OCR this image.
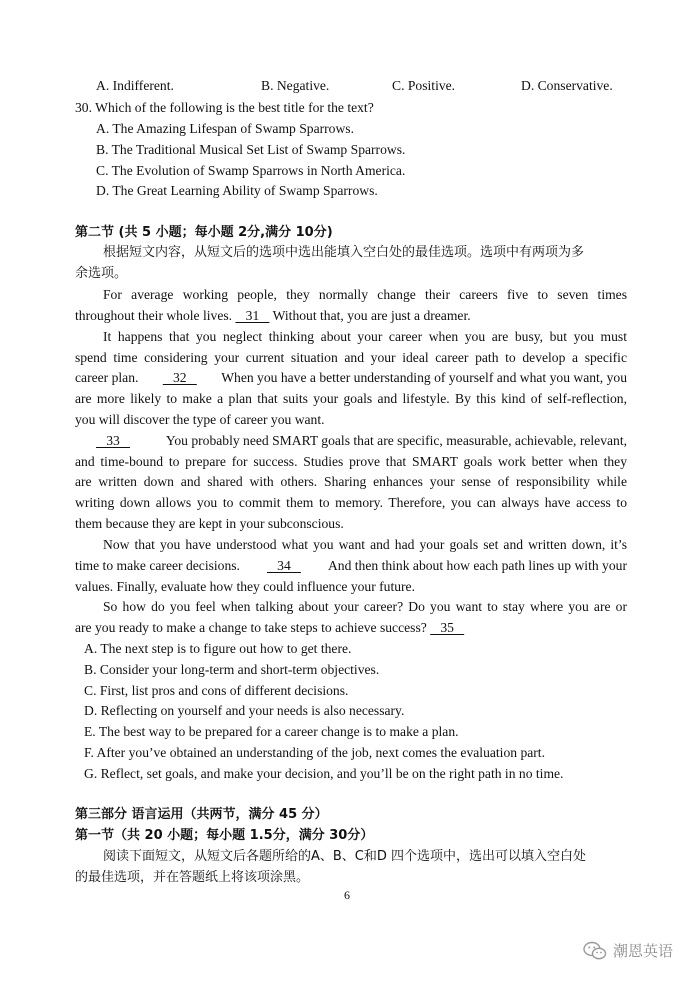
A. Indifferent.	B. Negative.	C. Positive.	D. Conservative.
30. Which of the following is the best title for the text?
A. The Amazing Lifespan of Swamp Sparrows.
B. The Traditional Musical Set List of Swamp Sparrows.
C. The Evolution of Swamp Sparrows in North America.
D. The Great Learning Ability of Swamp Sparrows.
第二节 (共 5 小题；每小题 2分,满分 10分)
根据短文内容，从短文后的选项中选出能填入空白处的最佳选项。选项中有两项为多
余选项。
For average working people, they normally change their careers five to seven times
throughout their whole lives.    31    Without that, you are just a dreamer.
It happens that you neglect thinking about your career when you are busy, but you must
spend time considering your current situation and your ideal career path to develop a specific
career plan. 32 When you have a better understanding of yourself and what you want, you
are more likely to make a plan that suits your goals and lifestyle. By this kind of self-reflection,
you will discover the type of career you want.
33	You probably need SMART goals that are specific, measurable, achievable, relevant,
and time-bound to prepare for success. Studies prove that SMART goals work better when they
are written down and shared with others. Sharing enhances your sense of responsibility while
writing down allows you to commit them to memory. Therefore, you can always have access to
them because they are kept in your subconscious.
Now that you have understood what you want and had your goals set and written down, it’s
time to make career decisions. 34 And then think about how each path lines up with your
values. Finally, evaluate how they could influence your future.
So how do you feel when talking about your career? Do you want to stay where you are or
are you ready to make a change to take steps to achieve success?    35
A. The next step is to figure out how to get there.
B. Consider your long-term and short-term objectives.
C. First, list pros and cons of different decisions.
D. Reflecting on yourself and your needs is also necessary.
E. The best way to be prepared for a career change is to make a plan.
F. After you’ve obtained an understanding of the job, next comes the evaluation part.
G. Reflect, set goals, and make your decision, and you’ll be on the right path in no time.
第三部分 语言运用（共两节，满分 45 分）
第一节（共 20 小题；每小题 1.5分，满分 30分）
阅读下面短文，从短文后各题所给的A、B、C和D 四个选项中，选出可以填入空白处
的最佳选项，并在答题纸上将该项涂黑。
6
潮恩英语
